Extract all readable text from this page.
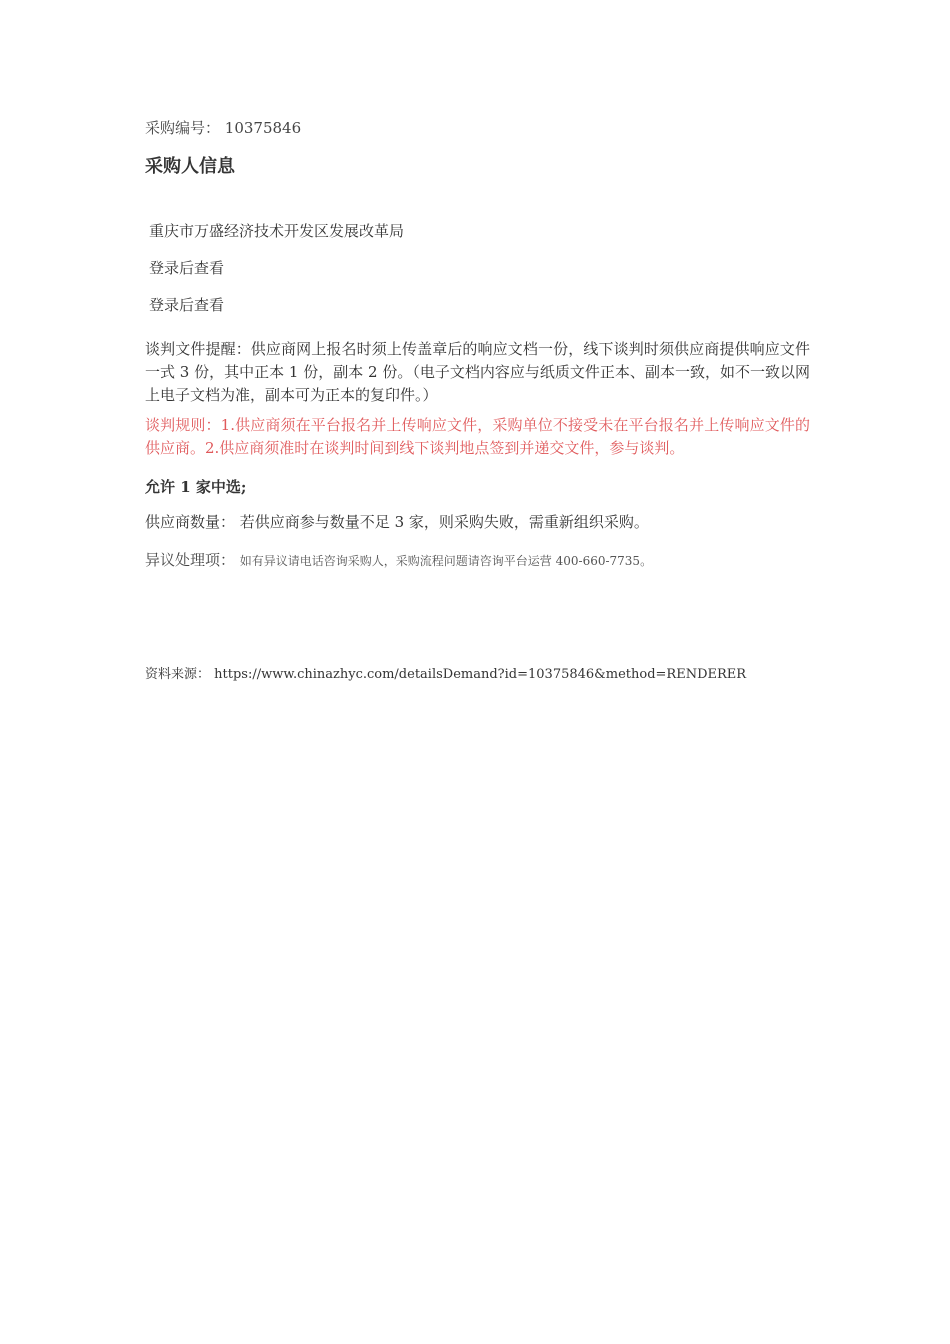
采购编号： 10375846
采购人信息
重庆市万盛经济技术开发区发展改革局
登录后查看
登录后查看
谈判文件提醒：供应商网上报名时须上传盖章后的响应文档一份，线下谈判时须供应商提供响应文件一式 3 份，其中正本 1 份，副本 2 份。（电子文档内容应与纸质文件正本、副本一致，如不一致以网上电子文档为准，副本可为正本的复印件。）
谈判规则：1.供应商须在平台报名并上传响应文件，采购单位不接受未在平台报名并上传响应文件的供应商。2.供应商须准时在谈判时间到线下谈判地点签到并递交文件，参与谈判。
允许 1 家中选;
供应商数量： 若供应商参与数量不足 3 家，则采购失败，需重新组织采购。
异议处理项： 如有异议请电话咨询采购人，采购流程问题请咨询平台运营 400-660-7735。
资料来源： https://www.chinazhyc.com/detailsDemand?id=10375846&method=RENDERER
